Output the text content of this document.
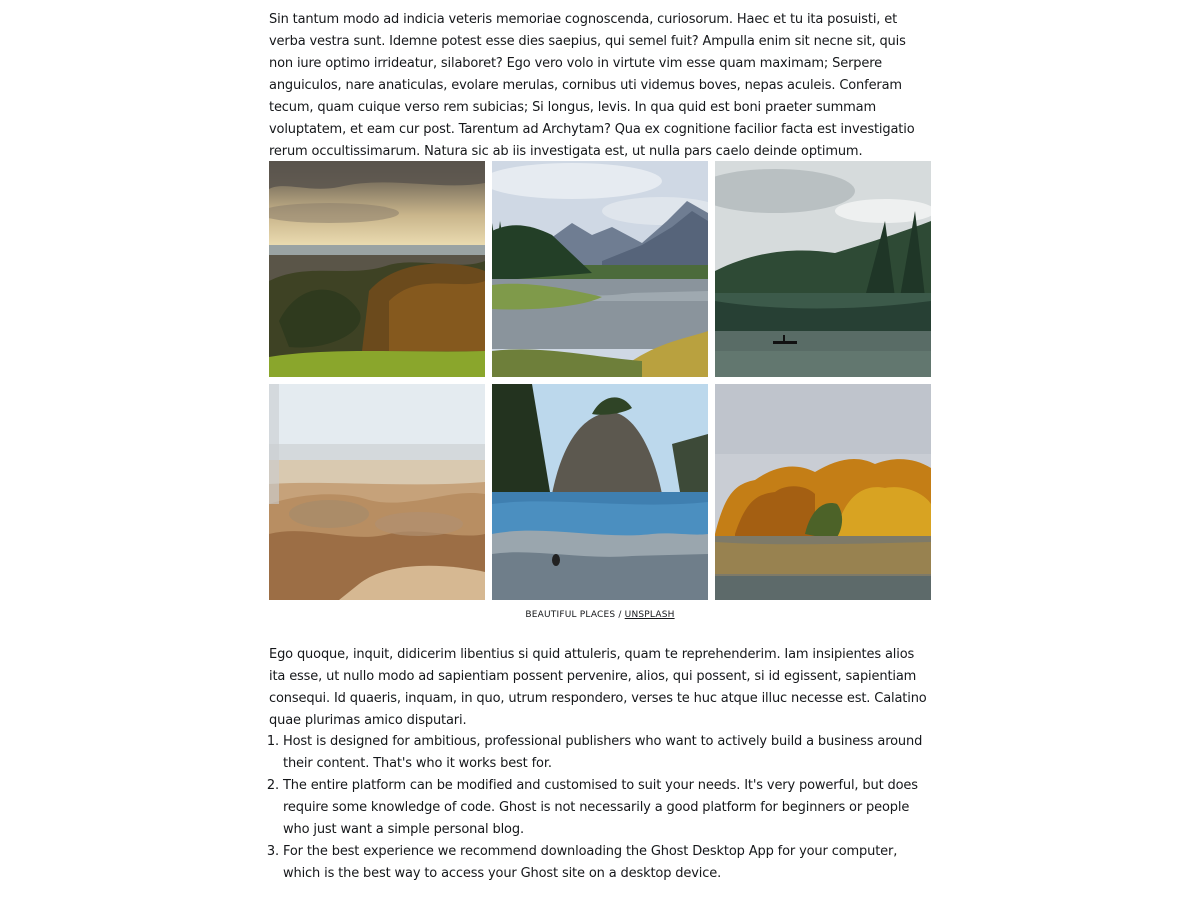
Sin tantum modo ad indicia veteris memoriae cognoscenda, curiosorum. Haec et tu ita posuisti, et verba vestra sunt. Idemne potest esse dies saepius, qui semel fuit? Ampulla enim sit necne sit, quis non iure optimo irrideatur, silaboret? Ego vero volo in virtute vim esse quam maximam; Serpere anguiculos, nare anaticulas, evolare merulas, cornibus uti videmus boves, nepas aculeis. Conferam tecum, quam cuique verso rem subicias; Si longus, levis. In qua quid est boni praeter summam voluptatem, et eam cur post. Tarentum ad Archytam? Qua ex cognitione facilior facta est investigatio rerum occultissimarum. Natura sic ab iis investigata est, ut nulla pars caelo deinde optimum.

BEAUTIFUL PLACES / UNSPLASH

Ego quoque, inquit, didicerim libentius si quid attuleris, quam te reprehenderim. Iam insipientes alios ita esse, ut nullo modo ad sapientiam possent pervenire, alios, qui possent, si id egissent, sapientiam consequi. Id quaeris, inquam, in quo, utrum respondero, verses te huc atque illuc necesse est. Calatino quae plurimas amico disputari.

1. Host is designed for ambitious, professional publishers who want to actively build a business around their content. That's who it works best for.
2. The entire platform can be modified and customised to suit your needs. It's very powerful, but does require some knowledge of code. Ghost is not necessarily a good platform for beginners or people who just want a simple personal blog.
3. For the best experience we recommend downloading the Ghost Desktop App for your computer, which is the best way to access your Ghost site on a desktop device.
